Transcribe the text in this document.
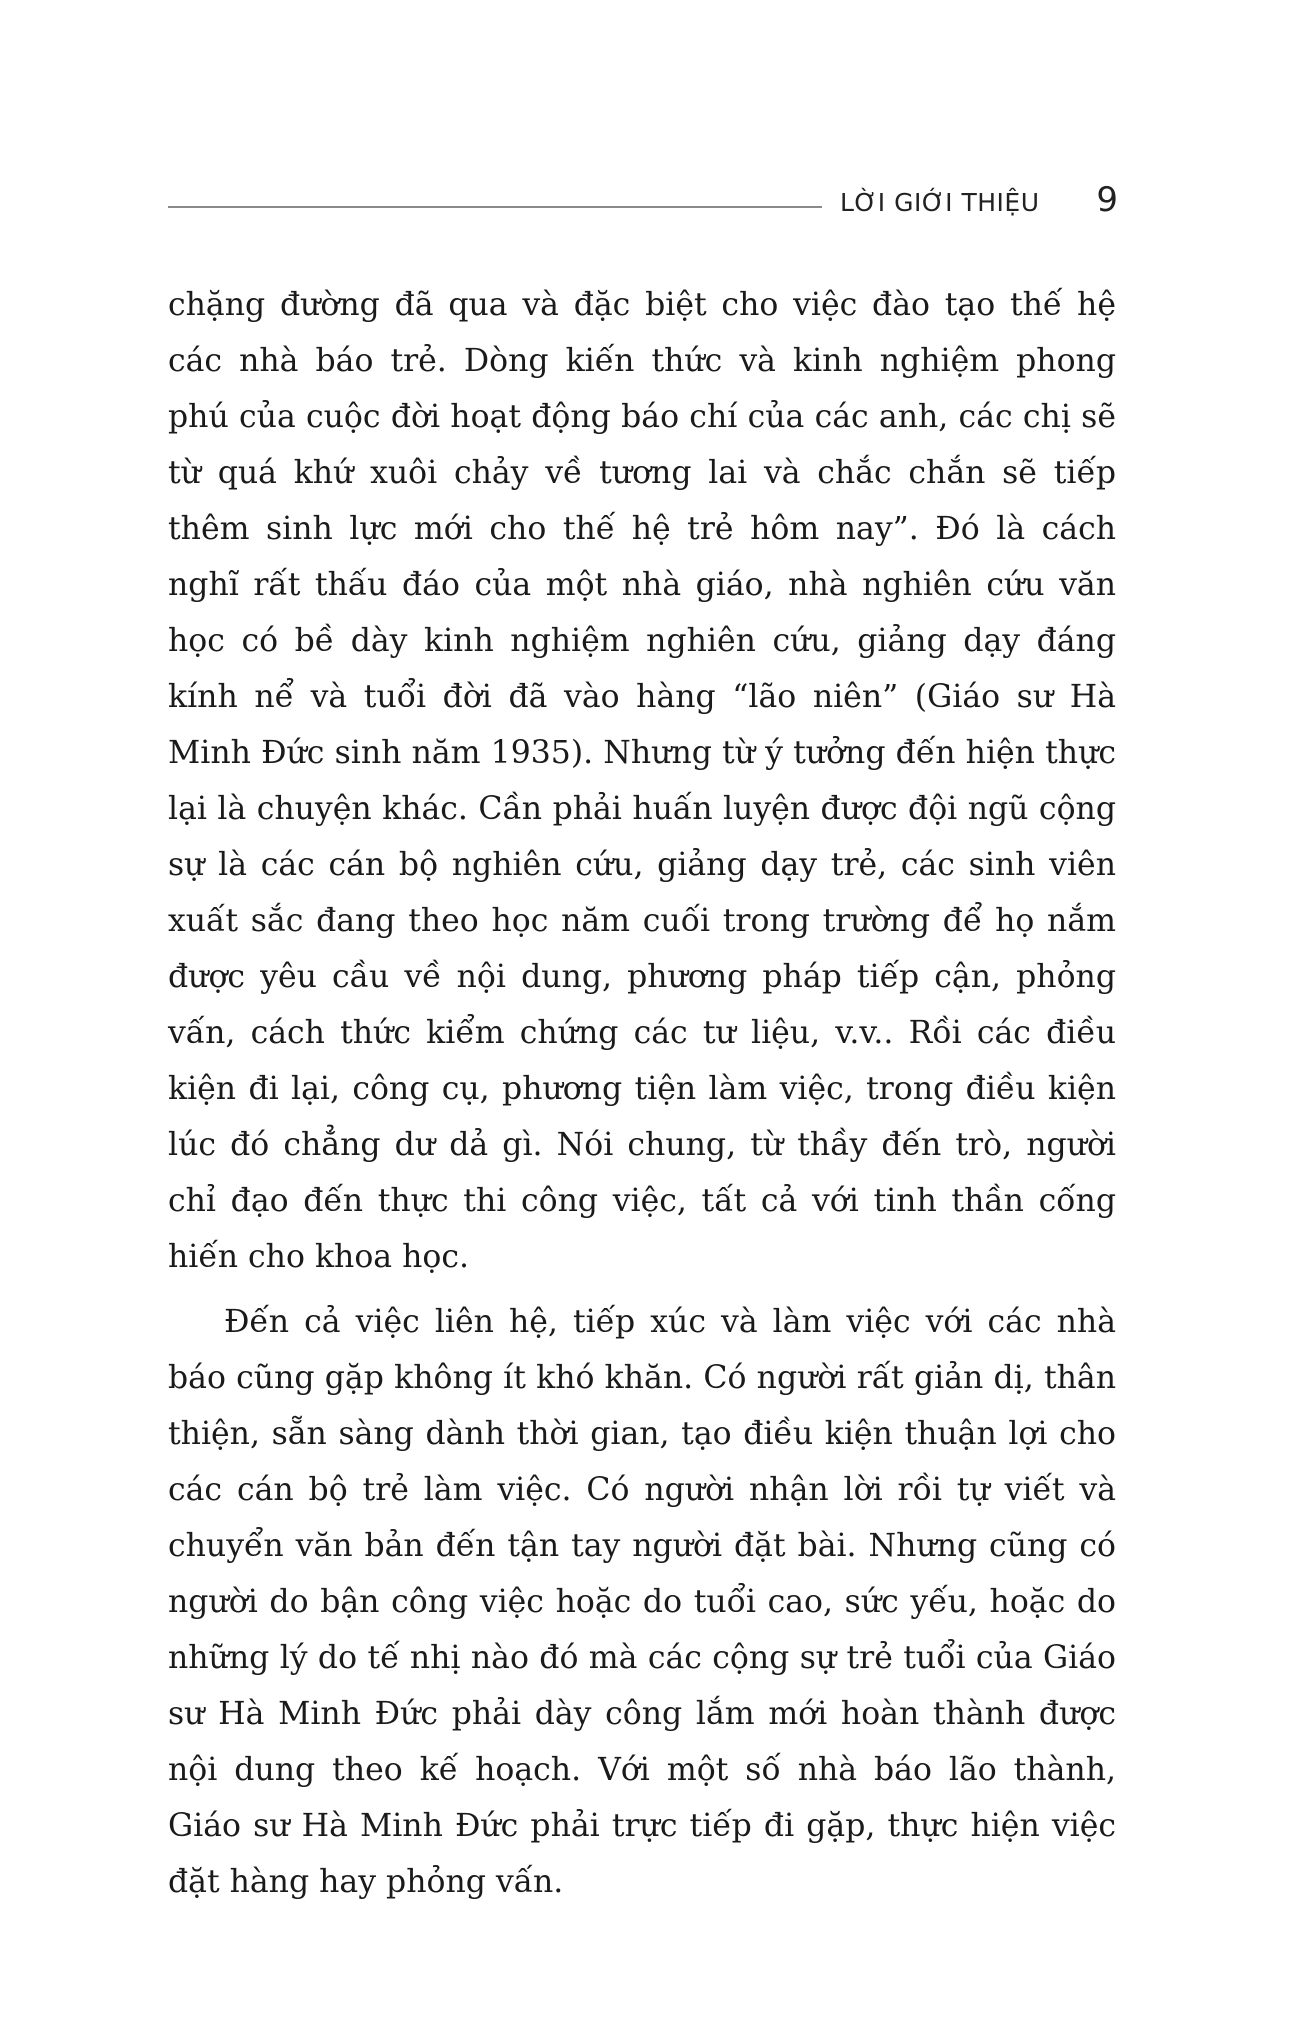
LỜI GIỚI THIỆU 9

chặng đường đã qua và đặc biệt cho việc đào tạo thế hệ các nhà báo trẻ. Dòng kiến thức và kinh nghiệm phong phú của cuộc đời hoạt động báo chí của các anh, các chị sẽ từ quá khứ xuôi chảy về tương lai và chắc chắn sẽ tiếp thêm sinh lực mới cho thế hệ trẻ hôm nay”. Đó là cách nghĩ rất thấu đáo của một nhà giáo, nhà nghiên cứu văn học có bề dày kinh nghiệm nghiên cứu, giảng dạy đáng kính nể và tuổi đời đã vào hàng “lão niên” (Giáo sư Hà Minh Đức sinh năm 1935). Nhưng từ ý tưởng đến hiện thực lại là chuyện khác. Cần phải huấn luyện được đội ngũ cộng sự là các cán bộ nghiên cứu, giảng dạy trẻ, các sinh viên xuất sắc đang theo học năm cuối trong trường để họ nắm được yêu cầu về nội dung, phương pháp tiếp cận, phỏng vấn, cách thức kiểm chứng các tư liệu, v.v.. Rồi các điều kiện đi lại, công cụ, phương tiện làm việc, trong điều kiện lúc đó chẳng dư dả gì. Nói chung, từ thầy đến trò, người chỉ đạo đến thực thi công việc, tất cả với tinh thần cống hiến cho khoa học.

Đến cả việc liên hệ, tiếp xúc và làm việc với các nhà báo cũng gặp không ít khó khăn. Có người rất giản dị, thân thiện, sẵn sàng dành thời gian, tạo điều kiện thuận lợi cho các cán bộ trẻ làm việc. Có người nhận lời rồi tự viết và chuyển văn bản đến tận tay người đặt bài. Nhưng cũng có người do bận công việc hoặc do tuổi cao, sức yếu, hoặc do những lý do tế nhị nào đó mà các cộng sự trẻ tuổi của Giáo sư Hà Minh Đức phải dày công lắm mới hoàn thành được nội dung theo kế hoạch. Với một số nhà báo lão thành, Giáo sư Hà Minh Đức phải trực tiếp đi gặp, thực hiện việc đặt hàng hay phỏng vấn.
